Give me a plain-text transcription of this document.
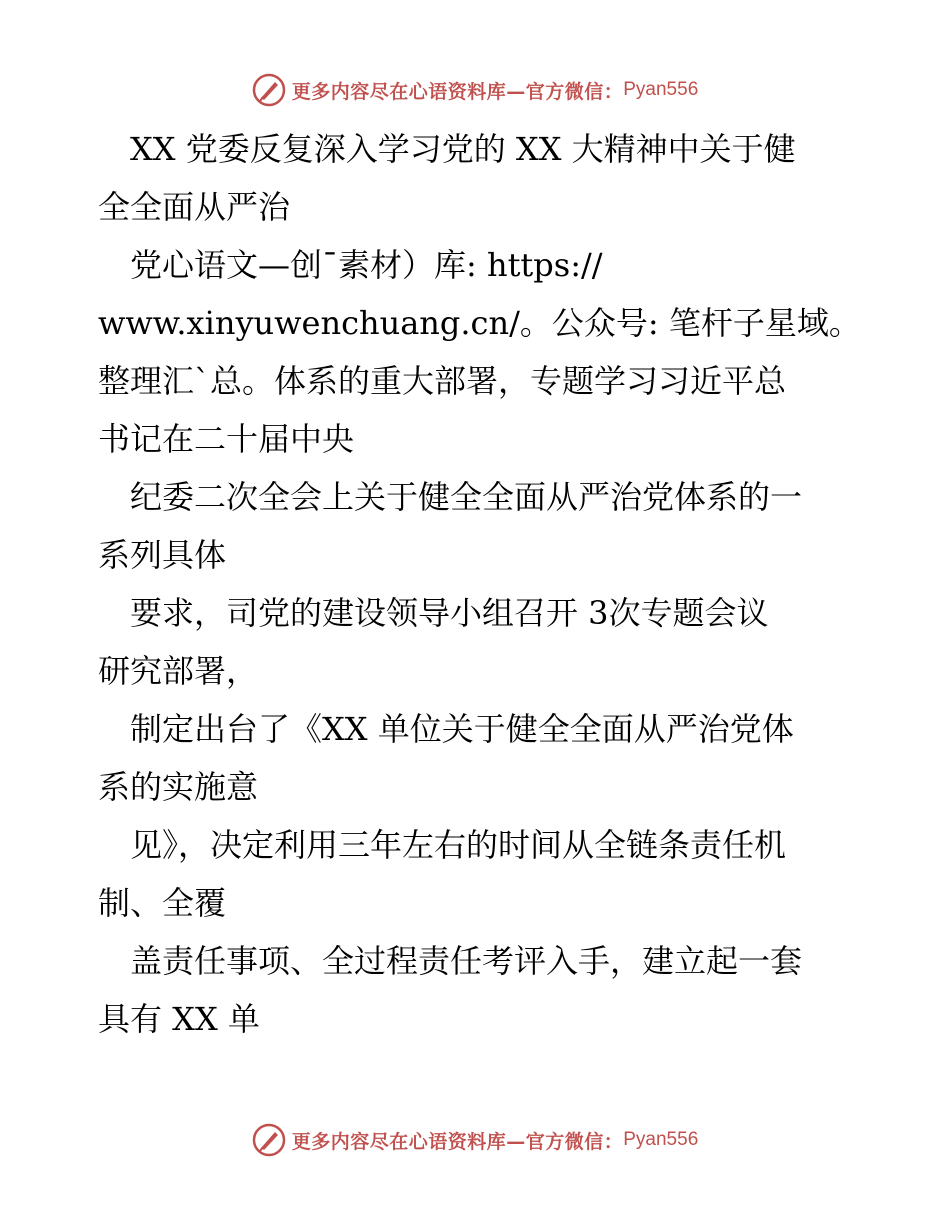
更多内容尽在心语资料库—官方微信： Pyan556

　XX 党委反复深入学习党的 XX 大精神中关于健

全全面从严治

　党心语文—创¯素材）库: https://

www.xinyuwenchuang.cn/。公众号: 笔杆子星域。

整理汇`总。体系的重大部署，专题学习习近平总

书记在二十届中央

　纪委二次全会上关于健全全面从严治党体系的一

系列具体

　要求，司党的建设领导小组召开 3次专题会议

研究部署，

　制定出台了《XX 单位关于健全全面从严治党体

系的实施意

　见》，决定利用三年左右的时间从全链条责任机

制、全覆

　盖责任事项、全过程责任考评入手，建立起一套

具有 XX 单

更多内容尽在心语资料库—官方微信： Pyan556
